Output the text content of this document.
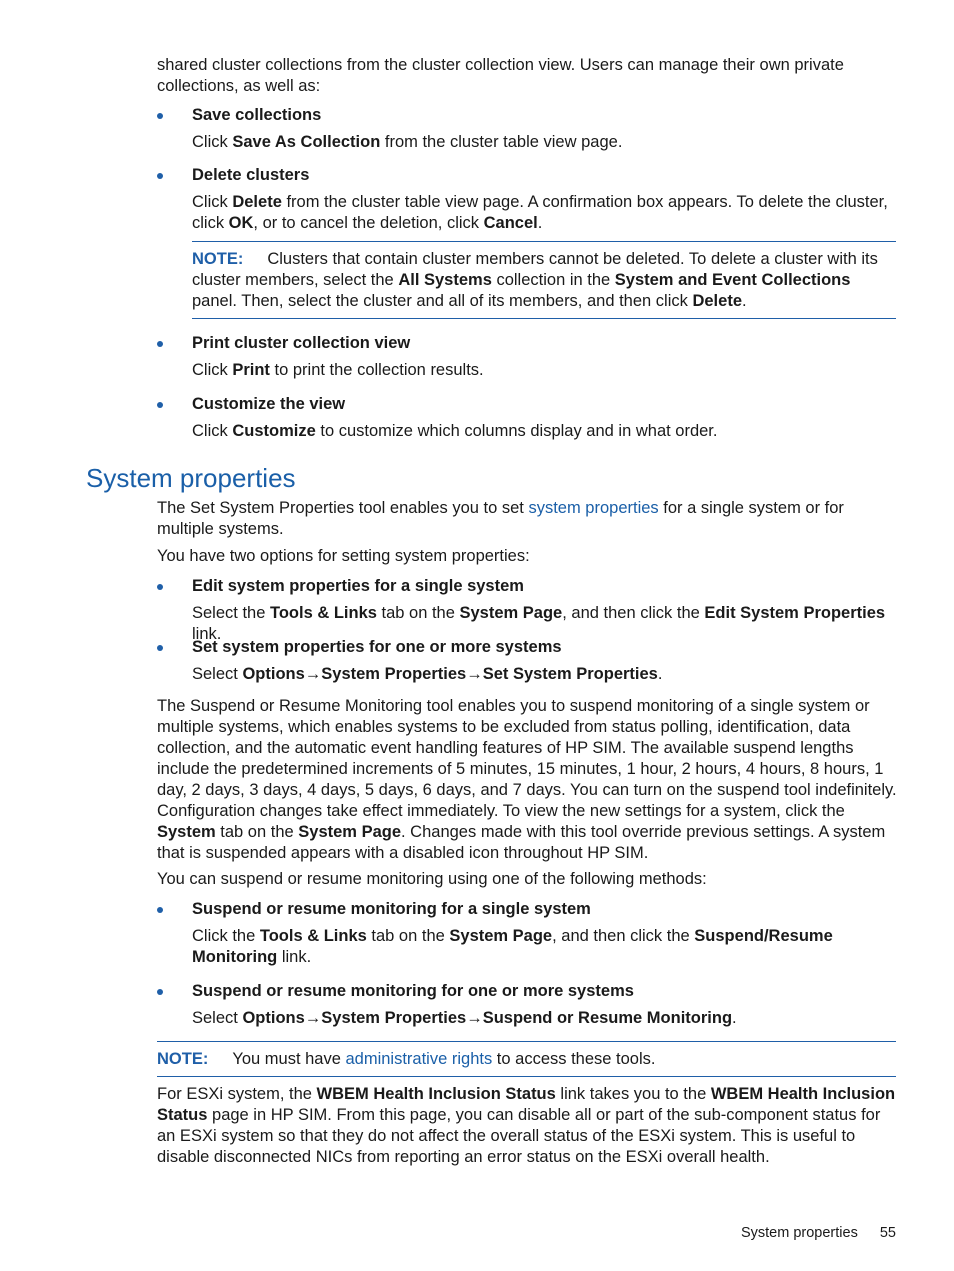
shared cluster collections from the cluster collection view. Users can manage their own private collections, as well as:

Save collections

Click Save As Collection from the cluster table view page.

Delete clusters

Click Delete from the cluster table view page. A confirmation box appears. To delete the cluster, click OK, or to cancel the deletion, click Cancel.

NOTE: Clusters that contain cluster members cannot be deleted. To delete a cluster with its cluster members, select the All Systems collection in the System and Event Collections panel. Then, select the cluster and all of its members, and then click Delete.

Print cluster collection view

Click Print to print the collection results.

Customize the view

Click Customize to customize which columns display and in what order.

System properties

The Set System Properties tool enables you to set system properties for a single system or for multiple systems.

You have two options for setting system properties:

Edit system properties for a single system

Select the Tools & Links tab on the System Page, and then click the Edit System Properties link.

Set system properties for one or more systems

Select Options→System Properties→Set System Properties.

The Suspend or Resume Monitoring tool enables you to suspend monitoring of a single system or multiple systems, which enables systems to be excluded from status polling, identification, data collection, and the automatic event handling features of HP SIM. The available suspend lengths include the predetermined increments of 5 minutes, 15 minutes, 1 hour, 2 hours, 4 hours, 8 hours, 1 day, 2 days, 3 days, 4 days, 5 days, 6 days, and 7 days. You can turn on the suspend tool indefinitely. Configuration changes take effect immediately. To view the new settings for a system, click the System tab on the System Page. Changes made with this tool override previous settings. A system that is suspended appears with a disabled icon throughout HP SIM.

You can suspend or resume monitoring using one of the following methods:

Suspend or resume monitoring for a single system

Click the Tools & Links tab on the System Page, and then click the Suspend/Resume Monitoring link.

Suspend or resume monitoring for one or more systems

Select Options→System Properties→Suspend or Resume Monitoring.

NOTE: You must have administrative rights to access these tools.

For ESXi system, the WBEM Health Inclusion Status link takes you to the WBEM Health Inclusion Status page in HP SIM. From this page, you can disable all or part of the sub-component status for an ESXi system so that they do not affect the overall status of the ESXi system. This is useful to disable disconnected NICs from reporting an error status on the ESXi overall health.

System properties 55
